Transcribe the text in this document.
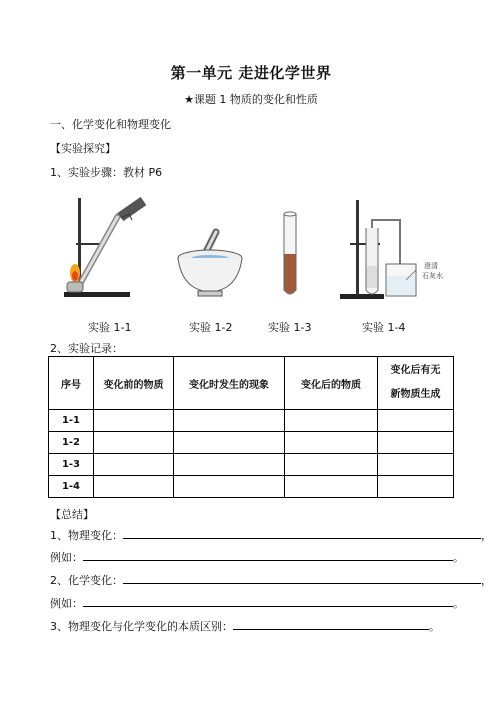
第一单元 走进化学世界
★课题 1 物质的变化和性质
一、化学变化和物理变化
【实验探究】
1、实验步骤：教材 P6
澄清
石灰水
实验 1-1	实验 1-2	实验 1-3	实验 1-4
2、实验记录：
序号	变化前的物质	变化时发生的现象	变化后的物质	变化后有无
新物质生成

1-1				
1-2				
1-3				
1-4				
【总结】
1、物理变化：	，
例如：	。
2、化学变化：	，
例如：	。
3、物理变化与化学变化的本质区别：	。
